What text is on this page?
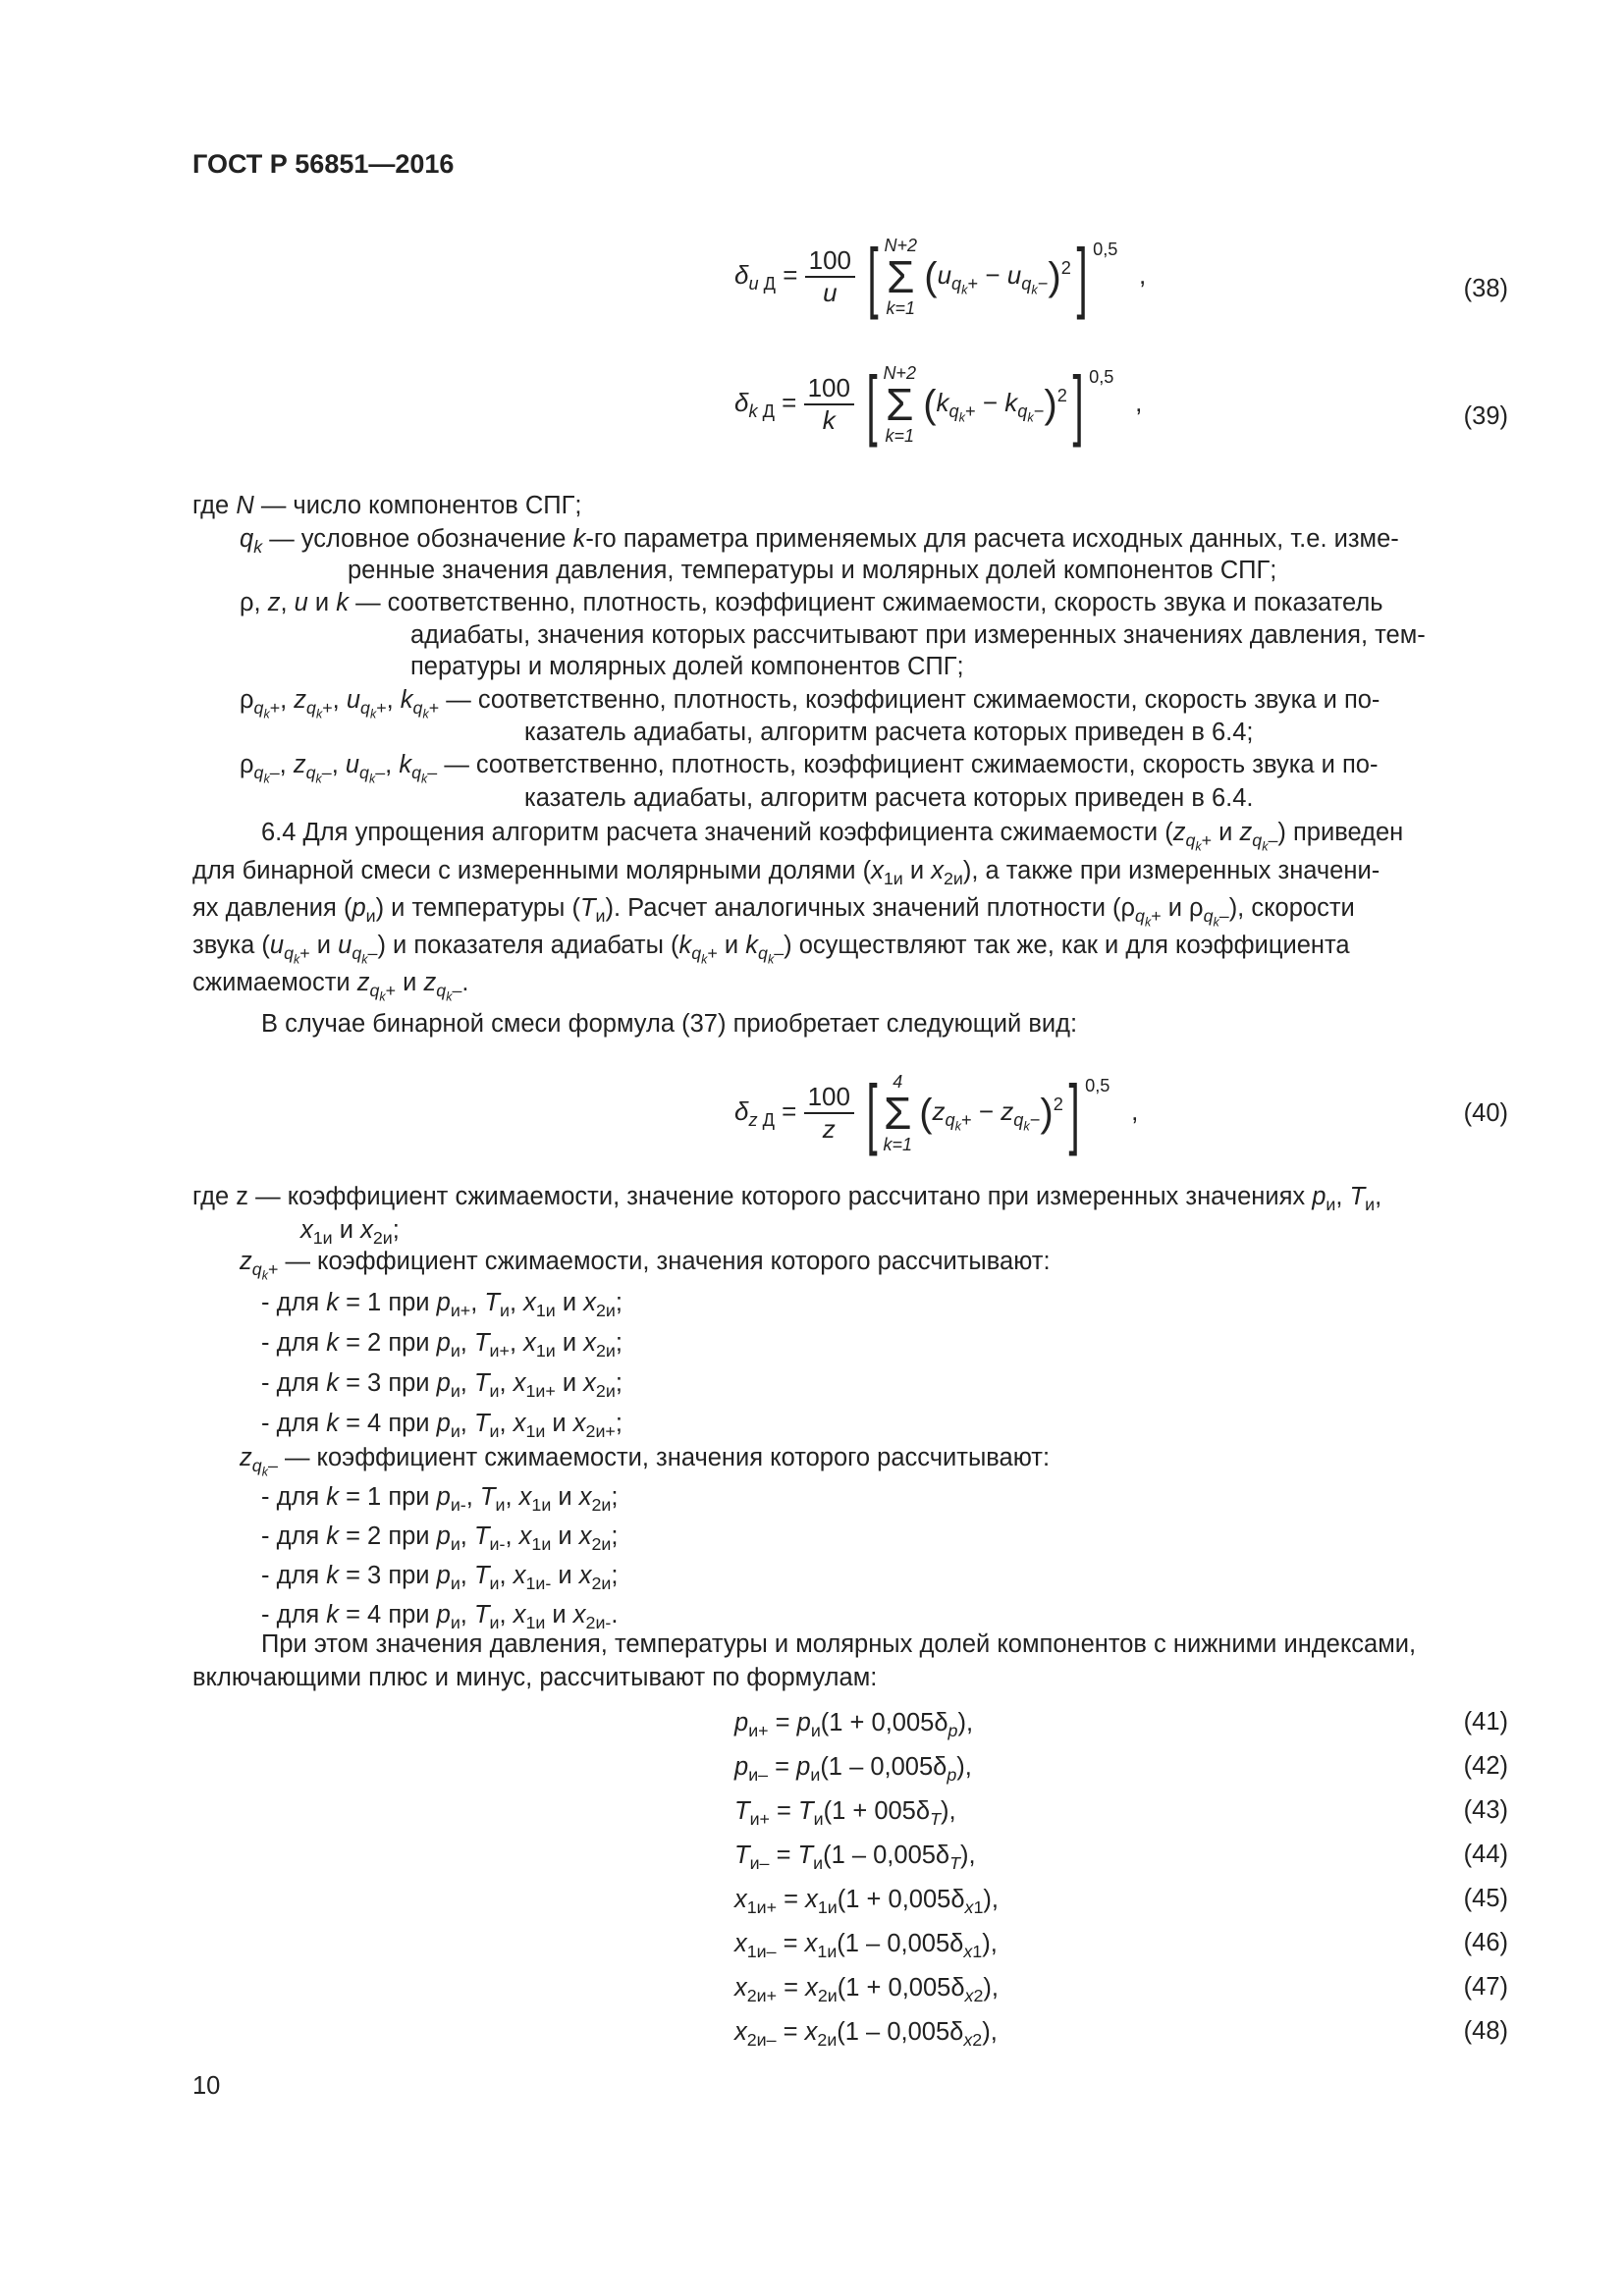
ГОСТ Р 56851—2016
$\delta_{u Д} = \frac{100}{u}$ [ N+2
Σ
k=1 $(u_{q_k+} - u_{q_k-})^2$] $^{0,5}$   ,	(38)
$\delta_{k Д} = \frac{100}{k}$ [ N+2
Σ
k=1 $(k_{q_k+} - k_{q_k-})^2$] $^{0,5}$   ,	(39)
где N — число компонентов СПГ;
$q_k$ — условное обозначение k-го параметра применяемых для расчета исходных данных, т.е. изме-
ренные значения давления, температуры и молярных долей компонентов СПГ;
ρ, z, u и k — соответственно, плотность, коэффициент сжимаемости, скорость звука и показатель
адиабаты, значения которых рассчитывают при измеренных значениях давления, тем-
пературы и молярных долей компонентов СПГ;
$\rho_{q_k+}$, $z_{q_k+}$, $u_{q_k+}$, $k_{q_k+}$ — соответственно, плотность, коэффициент сжимаемости, скорость звука и по-
казатель адиабаты, алгоритм расчета которых приведен в 6.4;
$\rho_{q_k-}$, $z_{q_k-}$, $u_{q_k-}$, $k_{q_k-}$ — соответственно, плотность, коэффициент сжимаемости, скорость звука и по-
казатель адиабаты, алгоритм расчета которых приведен в 6.4.
6.4 Для упрощения алгоритм расчета значений коэффициента сжимаемости ($z_{q_k+}$ и $z_{q_k-}$) приведен
для бинарной смеси с измеренными молярными долями ($x_{1и}$ и $x_{2и}$), а также при измеренных значени-
ях давления $(p_и)$ и температуры $(T_и)$. Расчет аналогичных значений плотности ($\rho_{q_k+}$ и $\rho_{q_k-}$), скорости
звука ($u_{q_k+}$ и $u_{q_k-}$) и показателя адиабаты ($k_{q_k+}$ и $k_{q_k-}$) осуществляют так же, как и для коэффициента
сжимаемости $z_{q_k+}$ и $z_{q_k-}$.
В случае бинарной смеси формула (37) приобретает следующий вид:
$\delta_{z Д} = \frac{100}{z}$ [ 4
Σ
k=1 $(z_{q_k+} - z_{q_k-})^2$] $^{0,5}$   ,	(40)
где z — коэффициент сжимаемости, значение которого рассчитано при измеренных значениях $p_и$, $T_и$,
$x_{1и}$ и $x_{2и}$;
$z_{q_k+}$ — коэффициент сжимаемости, значения которого рассчитывают:
- для k = 1 при $p_{и+}$, $T_и$, $x_{1и}$ и $x_{2и}$;
- для k = 2 при $p_и$, $T_{и+}$, $x_{1и}$ и $x_{2и}$;
- для k = 3 при $p_и$, $T_и$, $x_{1и+}$ и $x_{2и}$;
- для k = 4 при $p_и$, $T_и$, $x_{1и}$ и $x_{2и+}$;
$z_{q_k-}$ — коэффициент сжимаемости, значения которого рассчитывают:
- для k = 1 при $p_{и-}$, $T_и$, $x_{1и}$ и $x_{2и}$;
- для k = 2 при $p_и$, $T_{и-}$, $x_{1и}$ и $x_{2и}$;
- для k = 3 при $p_и$, $T_и$, $x_{1и-}$ и $x_{2и}$;
- для k = 4 при $p_и$, $T_и$, $x_{1и}$ и $x_{2и-}$.
При этом значения давления, температуры и молярных долей компонентов с нижними индексами,
включающими плюс и минус, рассчитывают по формулам:
$p_{и+} = p_и(1 + 0,005\delta_p)$,	(41)
$p_{и-} = p_и(1 - 0,005\delta_p)$,	(42)
$T_{и+} = T_и(1 + 005\delta_T)$,	(43)
$T_{и-} = T_и(1 - 0,005\delta_T)$,	(44)
$x_{1и+} = x_{1и}(1 + 0,005\delta_{x1})$,	(45)
$x_{1и-} = x_{1и}(1 - 0,005\delta_{x1})$,	(46)
$x_{2и+} = x_{2и}(1 + 0,005\delta_{x2})$,	(47)
$x_{2и-} = x_{2и}(1 - 0,005\delta_{x2})$,	(48)
10
